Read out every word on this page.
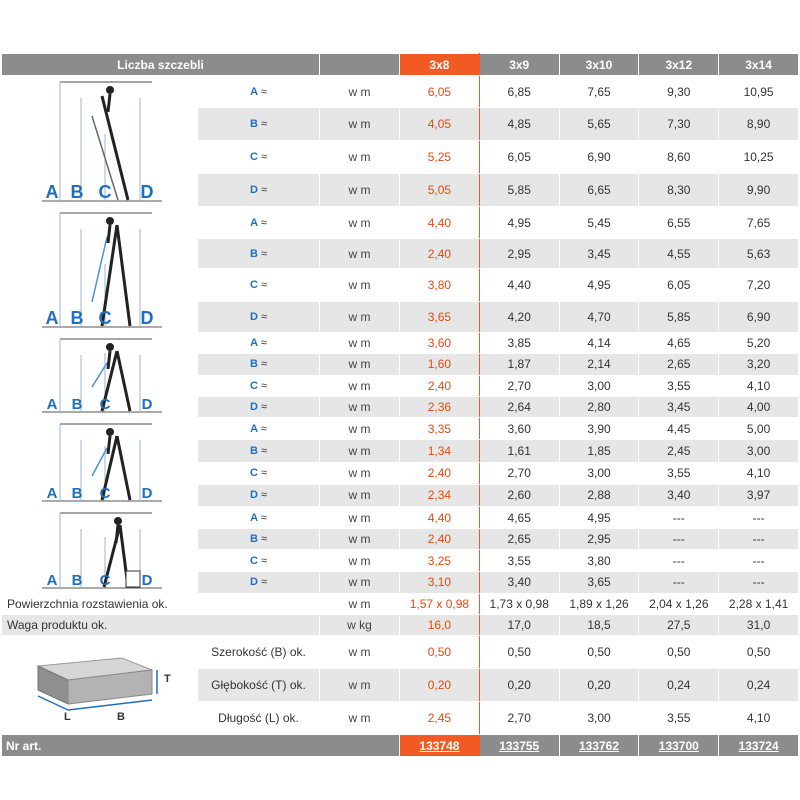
Liczba szczebli			3x8	3x9	3x10	3x12	3x14

A B C D	A ≈	w m	6,05	6,85	7,65	9,30	10,95
	B ≈	w m	4,05	4,85	5,65	7,30	8,90
	C ≈	w m	5,25	6,05	6,90	8,60	10,25
	D ≈	w m	5,05	5,85	6,65	8,30	9,90

A B C D	A ≈	w m	4,40	4,95	5,45	6,55	7,65
	B ≈	w m	2,40	2,95	3,45	4,55	5,63
	C ≈	w m	3,80	4,40	4,95	6,05	7,20
	D ≈	w m	3,65	4,20	4,70	5,85	6,90

A B C D	A ≈	w m	3,60	3,85	4,14	4,65	5,20
	B ≈	w m	1,60	1,87	2,14	2,65	3,20
	C ≈	w m	2,40	2,70	3,00	3,55	4,10
	D ≈	w m	2,36	2,64	2,80	3,45	4,00

A B C D	A ≈	w m	3,35	3,60	3,90	4,45	5,00
	B ≈	w m	1,34	1,61	1,85	2,45	3,00
	C ≈	w m	2,40	2,70	3,00	3,55	4,10
	D ≈	w m	2,34	2,60	2,88	3,40	3,97

A B C D	A ≈	w m	4,40	4,65	4,95	---	---
	B ≈	w m	2,40	2,65	2,95	---	---
	C ≈	w m	3,25	3,55	3,80	---	---
	D ≈	w m	3,10	3,40	3,65	---	---
Powierzchnia rozstawienia ok.		w m	1,57 x 0,98	1,73 x 0,98	1,89 x 1,26	2,04 x 1,26	2,28 x 1,41
Waga produktu ok.		w kg	16,0	17,0	18,5	27,5	31,0

T
L B	Szerokość (B) ok.	w m	0,50	0,50	0,50	0,50	0,50
	Głębokość (T) ok.	w m	0,20	0,20	0,20	0,24	0,24
	Długość (L) ok.	w m	2,45	2,70	3,00	3,55	4,10
Nr art.			133748	133755	133762	133700	133724
